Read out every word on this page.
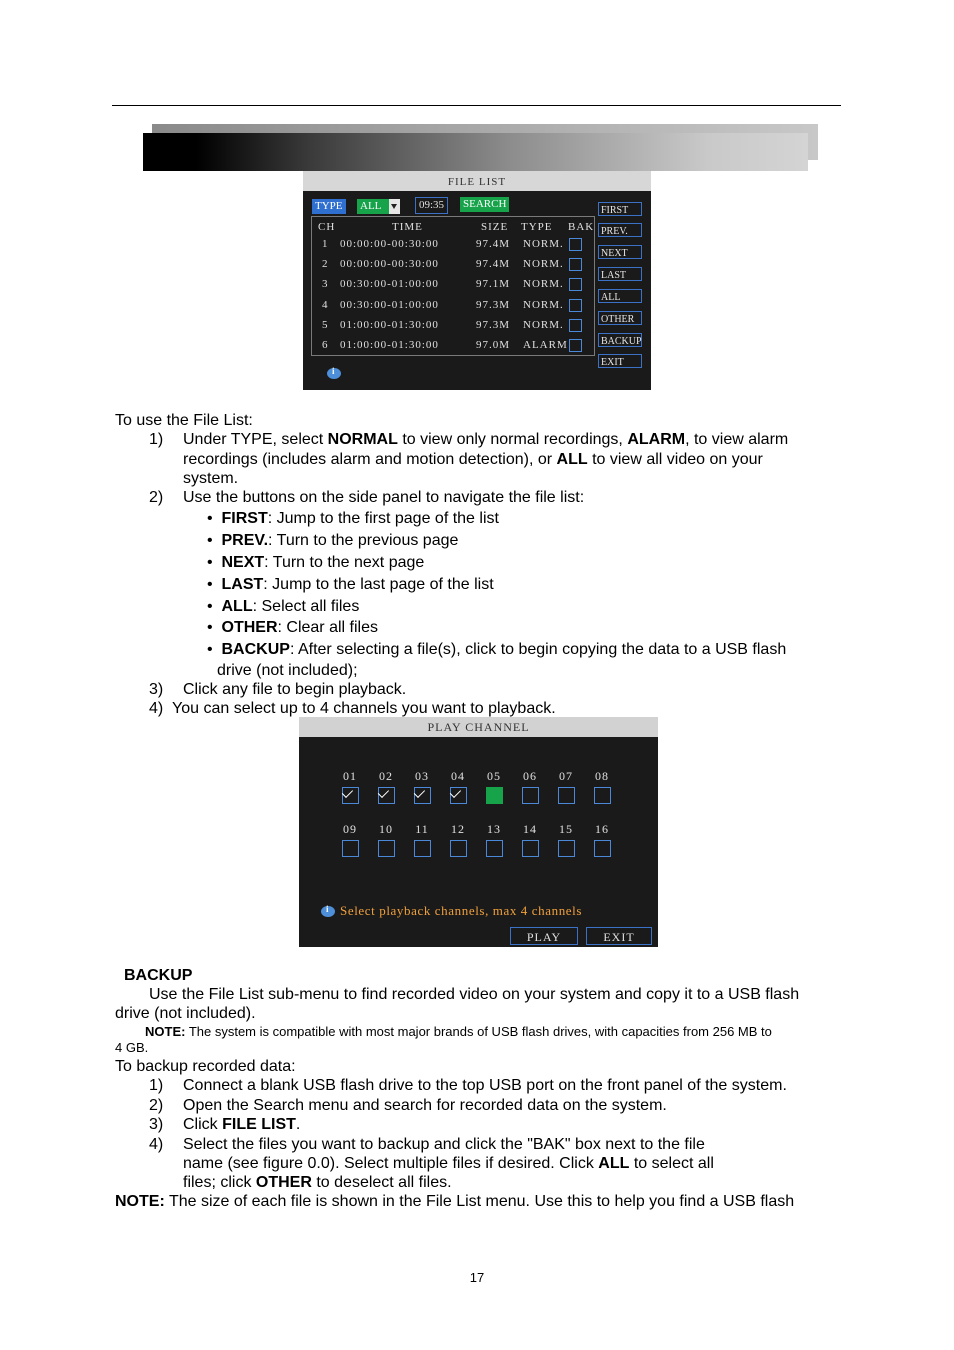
FILE LIST
TYPE ALL	09:35	SEARCH
CH	TIME	SIZE TYPE BAK
1 00:00:00-00:30:00	97.4M NORM.
2 00:00:00-00:30:00	97.4M NORM.
3 00:30:00-01:00:00	97.1M NORM.
4 00:30:00-01:00:00	97.3M NORM.
5 01:00:00-01:30:00	97.3M NORM.
6 01:00:00-01:30:00	97.0M ALARM
FIRST
PREV.
NEXT
LAST
ALL
OTHER
BACKUP
EXIT
i
To use the File List:
1) Under TYPE, select NORMAL to view only normal recordings, ALARM, to view alarm
recordings (includes alarm and motion detection), or ALL to view all video on your
system.
2) Use the buttons on the side panel to navigate the file list:
•  FIRST: Jump to the first page of the list
•  PREV.: Turn to the previous page
•  NEXT: Turn to the next page
•  LAST: Jump to the last page of the list
•  ALL: Select all files
•  OTHER: Clear all files
•  BACKUP: After selecting a file(s), click to begin copying the data to a USB flash
drive (not included);
3) Click any file to begin playback.
4) You can select up to 4 channels you want to playback.
PLAY CHANNEL
01	02	03	04	05	06	07	08
09	10	11	12	13	14	15	16
i
Select playback channels, max 4 channels
PLAY	EXIT
BACKUP
Use the File List sub-menu to find recorded video on your system and copy it to a USB flash
drive (not included).
NOTE: The system is compatible with most major brands of USB flash drives, with capacities from 256 MB to
4 GB.
To backup recorded data:
1) Connect a blank USB flash drive to the top USB port on the front panel of the system.
2) Open the Search menu and search for recorded data on the system.
3) Click FILE LIST.
4) Select the files you want to backup and click the "BAK" box next to the file
name (see figure 0.0). Select multiple files if desired. Click ALL to select all
files; click OTHER to deselect all files.
NOTE: The size of each file is shown in the File List menu. Use this to help you find a USB flash
17
